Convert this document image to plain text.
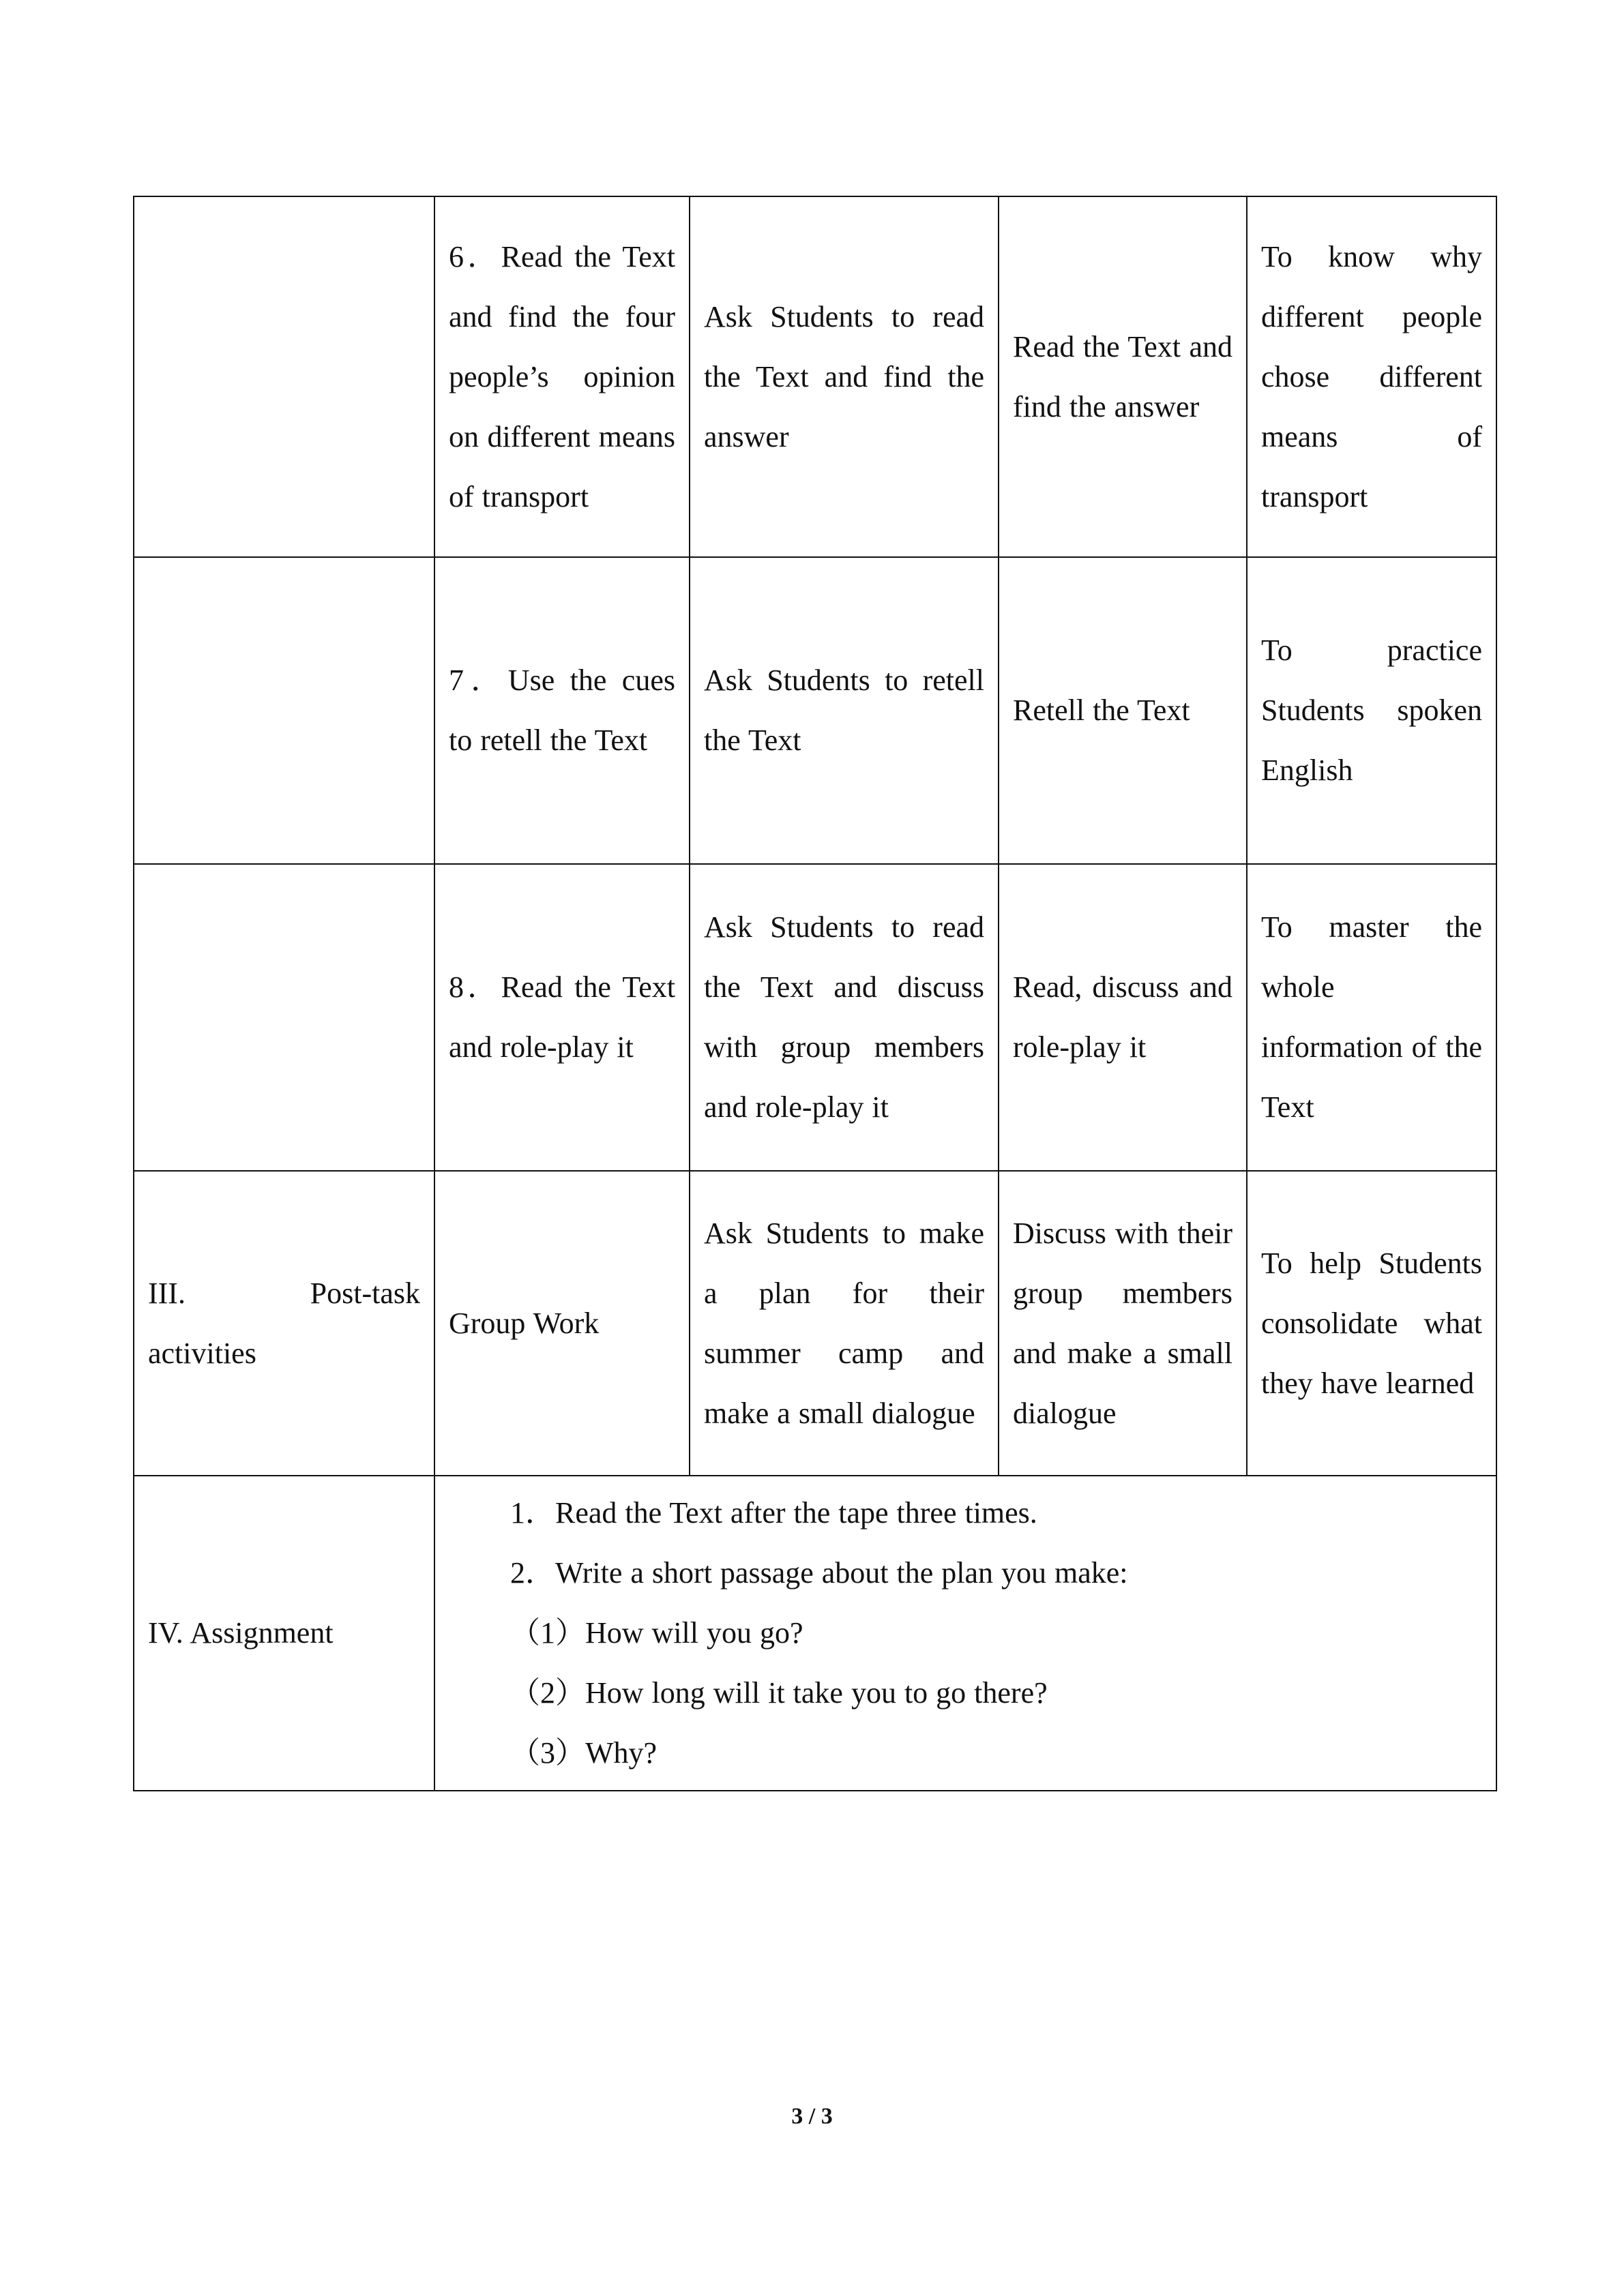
	6．Read the Text and find the four people’s opinion on different means of transport	Ask Students to read the Text and find the answer	Read the Text and find the answer	To know why different people chose different means of transport
	7．Use the cues to retell the Text	Ask Students to retell the Text	Retell the Text	To practice Students spoken English
	8．Read the Text and role-play it	Ask Students to read the Text and discuss with group members and role-play it	Read, discuss and role-play it	To master the whole information of the Text
III. Post-task activities	Group Work	Ask Students to make a plan for their summer camp and make a small dialogue	Discuss with their group members and make a small dialogue	To help Students consolidate what they have learned
IV. Assignment	1．Read the Text after the tape three times.
2．Write a short passage about the plan you make:
（1）How will you go?
（2）How long will it take you to go there?
（3）Why?			
3 / 3
